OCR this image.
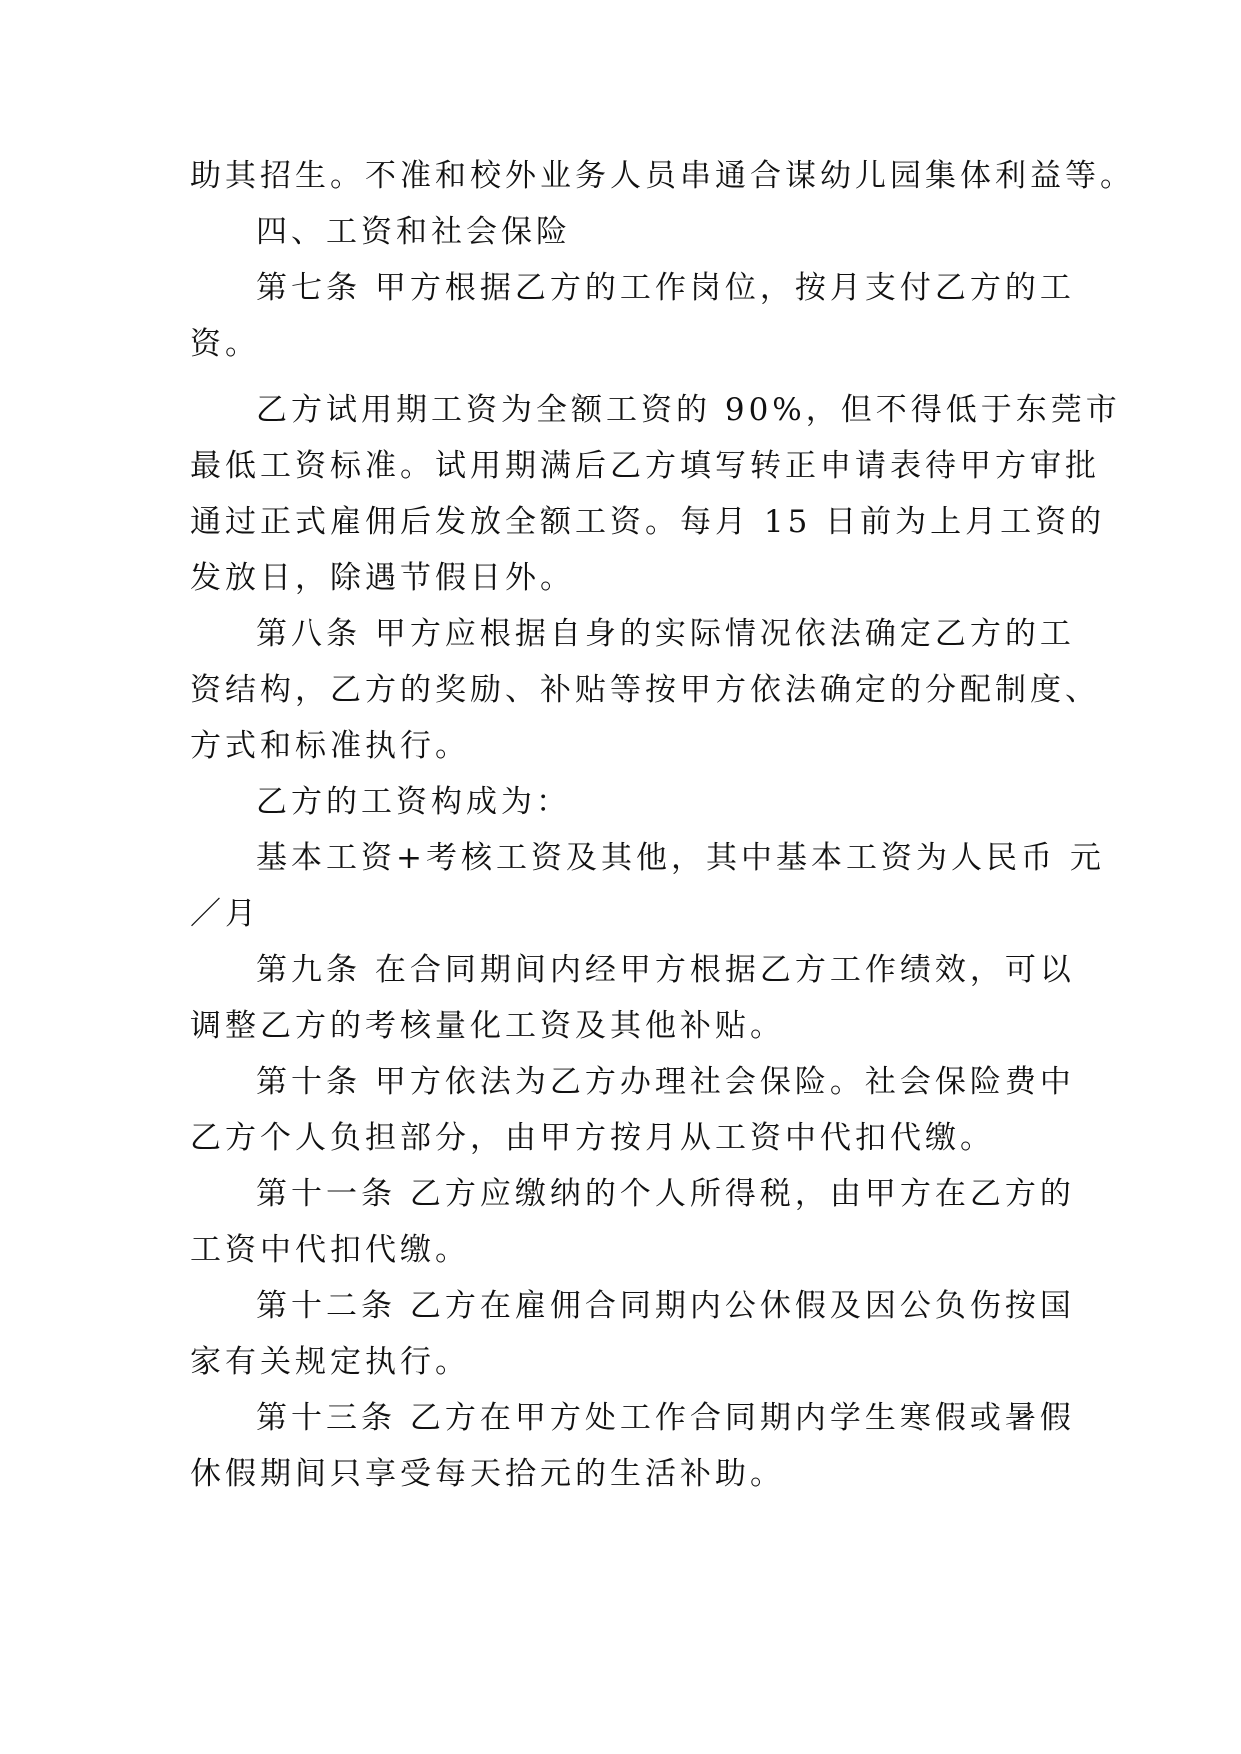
助其招生。不准和校外业务人员串通合谋幼儿园集体利益等。
四、工资和社会保险
第七条 甲方根据乙方的工作岗位，按月支付乙方的工
资。
乙方试用期工资为全额工资的 90%，但不得低于东莞市
最低工资标准。试用期满后乙方填写转正申请表待甲方审批
通过正式雇佣后发放全额工资。每月 15 日前为上月工资的
发放日，除遇节假日外。
第八条 甲方应根据自身的实际情况依法确定乙方的工
资结构，乙方的奖励、补贴等按甲方依法确定的分配制度、
方式和标准执行。
乙方的工资构成为：
基本工资+考核工资及其他，其中基本工资为人民币 元
／月
第九条 在合同期间内经甲方根据乙方工作绩效，可以
调整乙方的考核量化工资及其他补贴。
第十条 甲方依法为乙方办理社会保险。社会保险费中
乙方个人负担部分，由甲方按月从工资中代扣代缴。
第十一条 乙方应缴纳的个人所得税，由甲方在乙方的
工资中代扣代缴。
第十二条 乙方在雇佣合同期内公休假及因公负伤按国
家有关规定执行。
第十三条 乙方在甲方处工作合同期内学生寒假或暑假
休假期间只享受每天拾元的生活补助。
